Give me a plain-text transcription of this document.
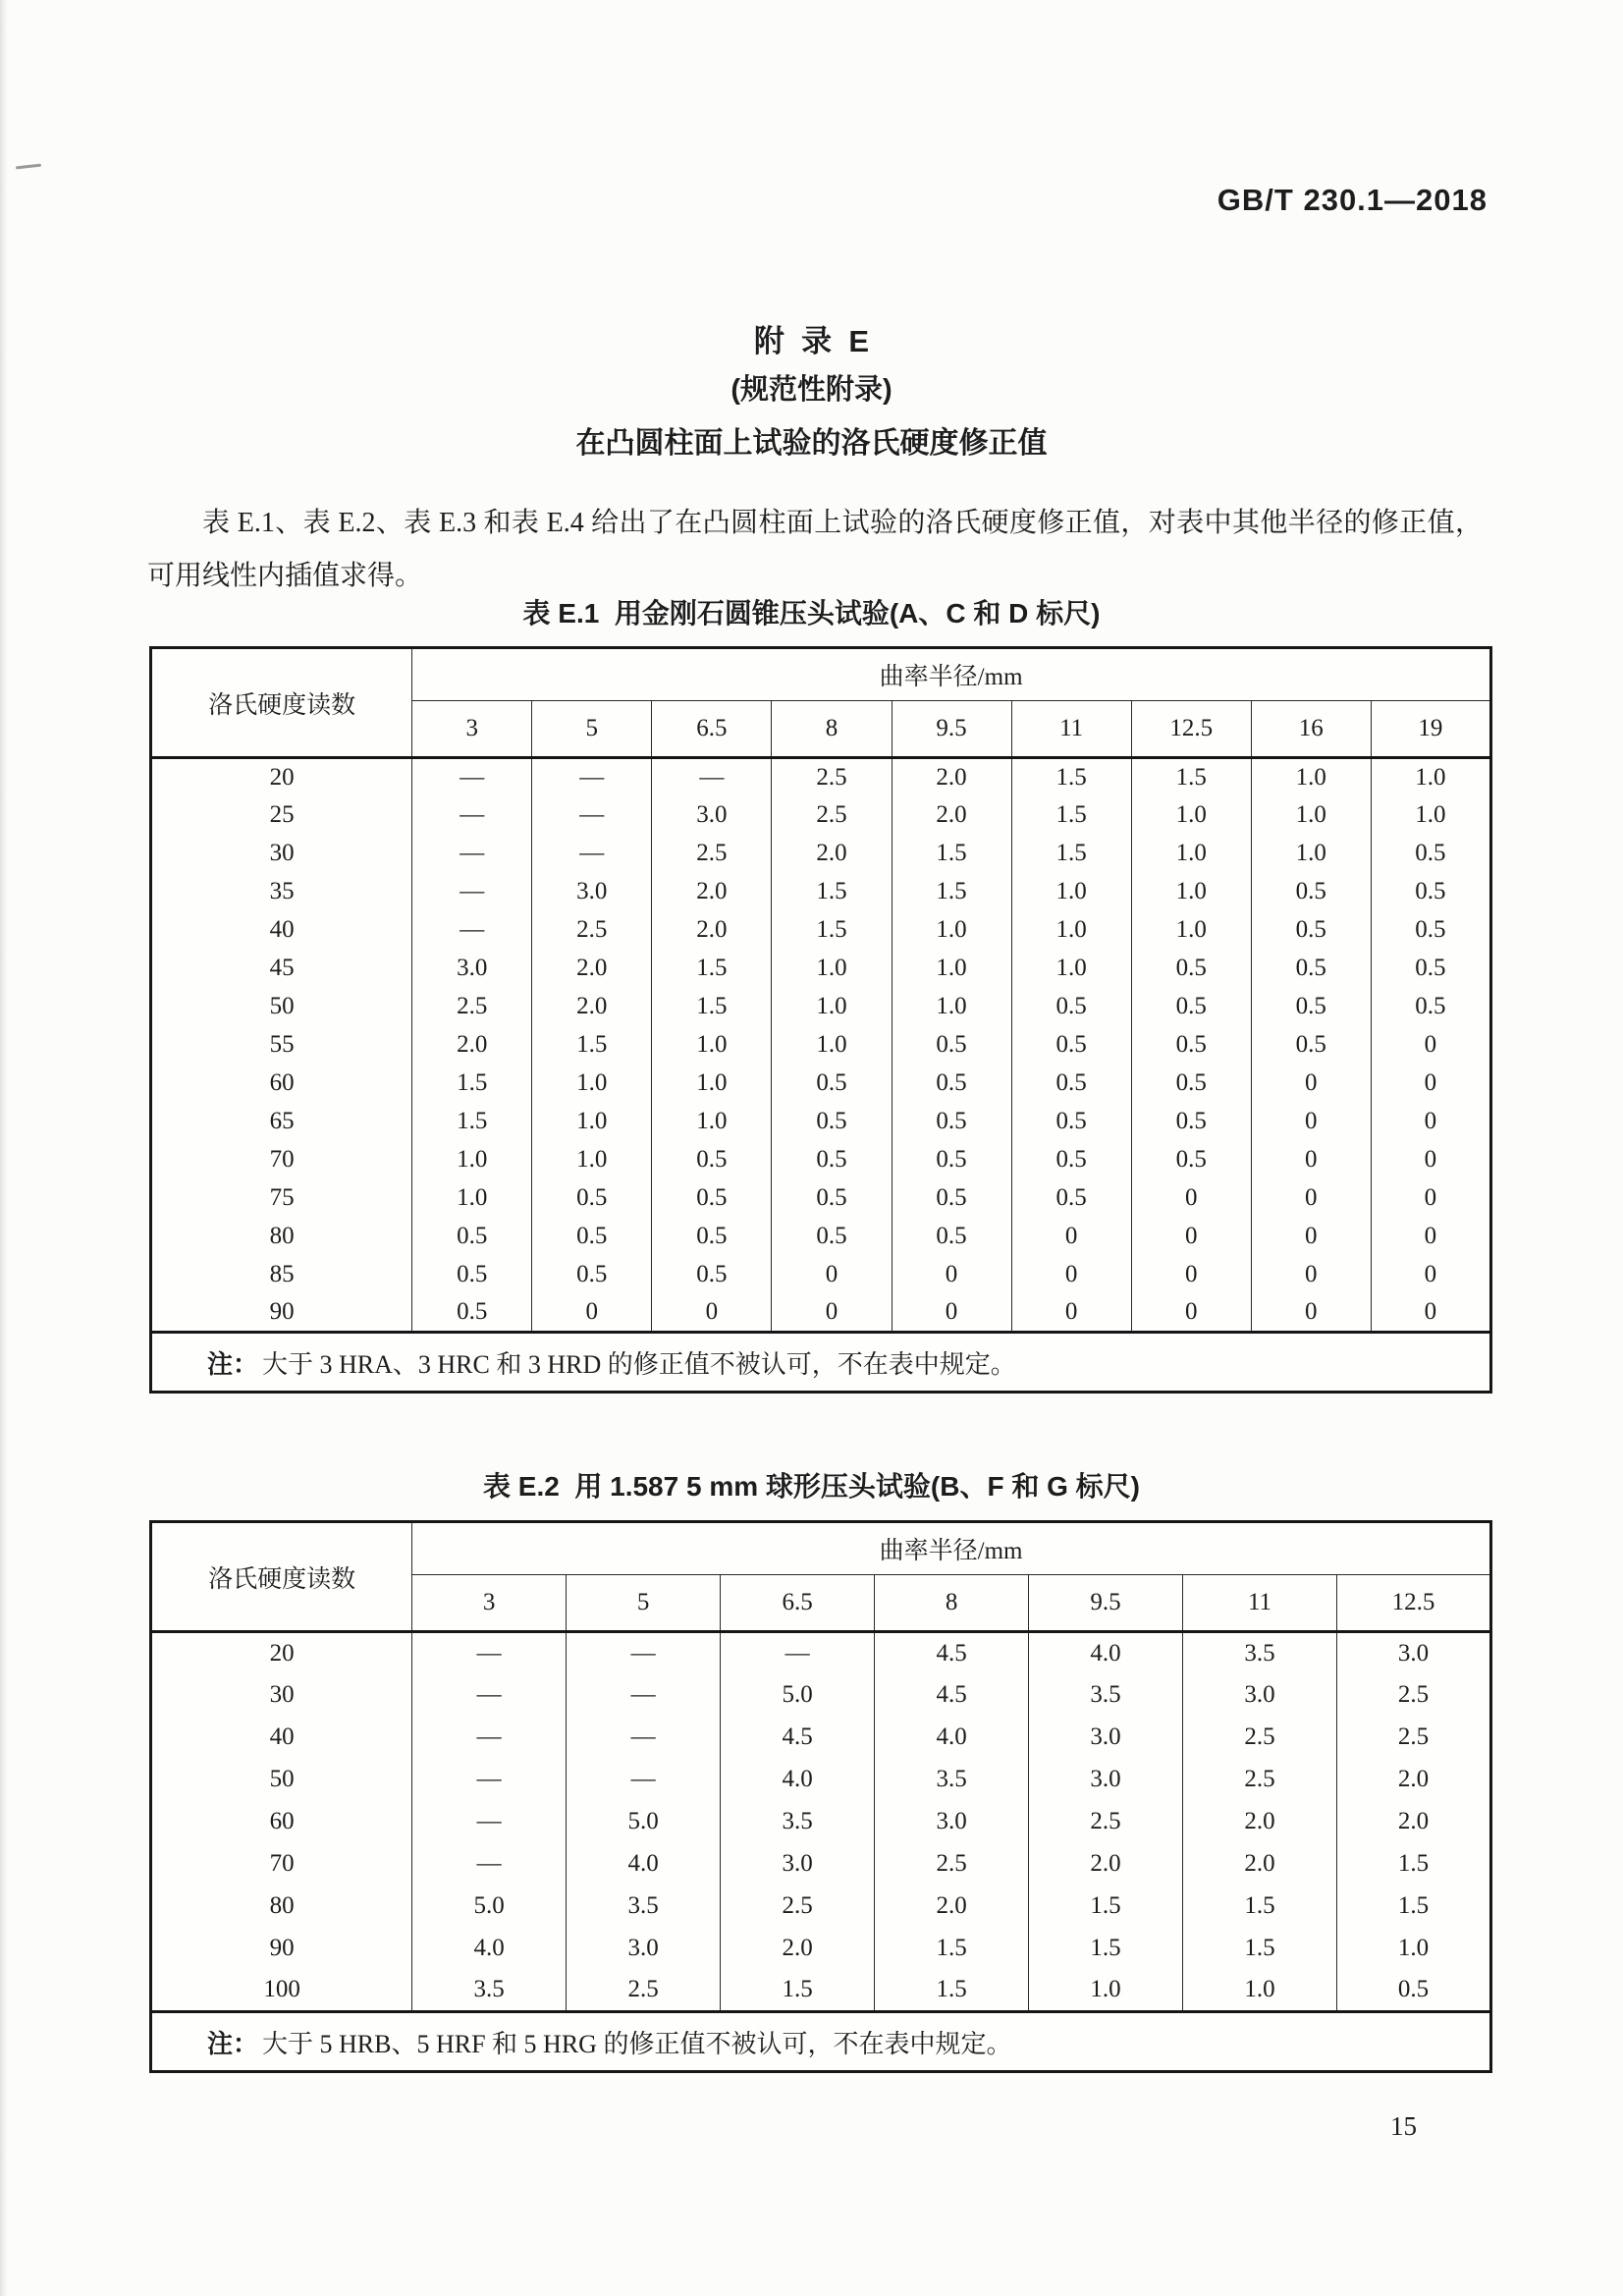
GB/T 230.1—2018
附  录  E
(规范性附录)
在凸圆柱面上试验的洛氏硬度修正值

表 E.1、表 E.2、表 E.3 和表 E.4 给出了在凸圆柱面上试验的洛氏硬度修正值，对表中其他半径的修正值，可用线性内插值求得。

表 E.1  用金刚石圆锥压头试验(A、C 和 D 标尺)
洛氏硬度读数	曲率半径/mm								
	3	5	6.5	8	9.5	11	12.5	16	19
20	—	—	—	2.5	2.0	1.5	1.5	1.0	1.0
25	—	—	3.0	2.5	2.0	1.5	1.0	1.0	1.0
30	—	—	2.5	2.0	1.5	1.5	1.0	1.0	0.5
35	—	3.0	2.0	1.5	1.5	1.0	1.0	0.5	0.5
40	—	2.5	2.0	1.5	1.0	1.0	1.0	0.5	0.5
45	3.0	2.0	1.5	1.0	1.0	1.0	0.5	0.5	0.5
50	2.5	2.0	1.5	1.0	1.0	0.5	0.5	0.5	0.5
55	2.0	1.5	1.0	1.0	0.5	0.5	0.5	0.5	0
60	1.5	1.0	1.0	0.5	0.5	0.5	0.5	0	0
65	1.5	1.0	1.0	0.5	0.5	0.5	0.5	0	0
70	1.0	1.0	0.5	0.5	0.5	0.5	0.5	0	0
75	1.0	0.5	0.5	0.5	0.5	0.5	0	0	0
80	0.5	0.5	0.5	0.5	0.5	0	0	0	0
85	0.5	0.5	0.5	0	0	0	0	0	0
90	0.5	0	0	0	0	0	0	0	0
注： 大于 3 HRA、3 HRC 和 3 HRD 的修正值不被认可，不在表中规定。									
表 E.2  用 1.587 5 mm 球形压头试验(B、F 和 G 标尺)
洛氏硬度读数	曲率半径/mm						
	3	5	6.5	8	9.5	11	12.5
20	—	—	—	4.5	4.0	3.5	3.0
30	—	—	5.0	4.5	3.5	3.0	2.5
40	—	—	4.5	4.0	3.0	2.5	2.5
50	—	—	4.0	3.5	3.0	2.5	2.0
60	—	5.0	3.5	3.0	2.5	2.0	2.0
70	—	4.0	3.0	2.5	2.0	2.0	1.5
80	5.0	3.5	2.5	2.0	1.5	1.5	1.5
90	4.0	3.0	2.0	1.5	1.5	1.5	1.0
100	3.5	2.5	1.5	1.5	1.0	1.0	0.5
注： 大于 5 HRB、5 HRF 和 5 HRG 的修正值不被认可，不在表中规定。							
15
